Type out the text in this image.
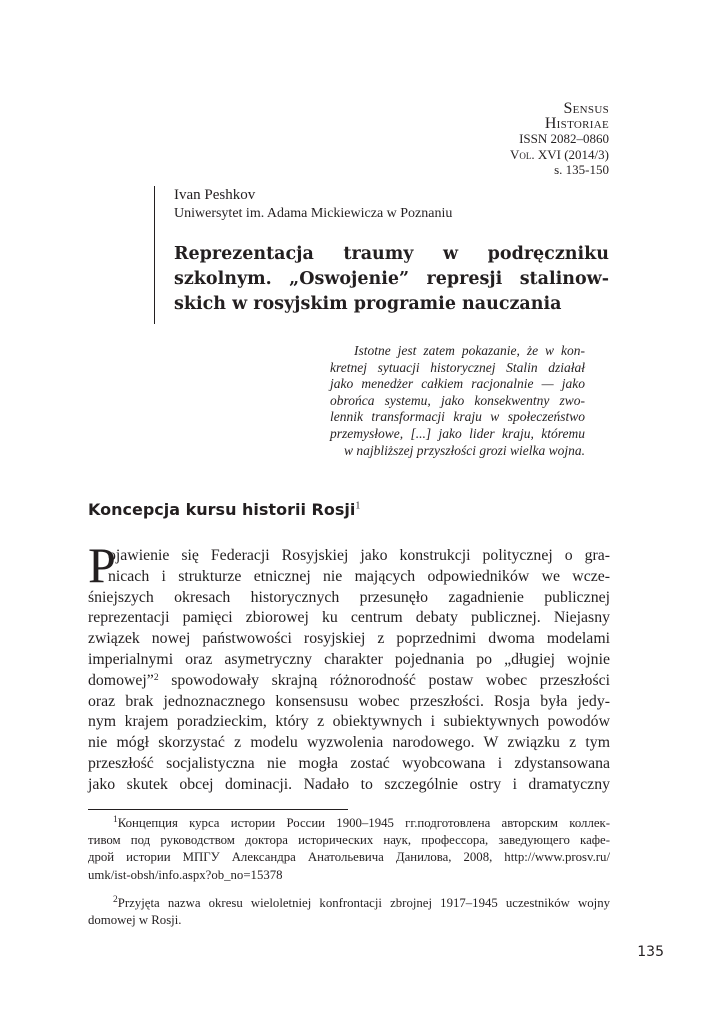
Sensus
Historiae
ISSN 2082–0860
Vol. XVI (2014/3)
s. 135-150
Ivan Peshkov
Uniwersytet im. Adama Mickiewicza w Poznaniu
Reprezentacja traumy w podręczniku
szkolnym. „Oswojenie” represji stalinow-
skich w rosyjskim programie nauczania
Istotne jest zatem pokazanie, że w kon-
kretnej sytuacji historycznej Stalin działał
jako menedżer całkiem racjonalnie — jako
obrońca systemu, jako konsekwentny zwo-
lennik transformacji kraju w społeczeństwo
przemysłowe, [...] jako lider kraju, któremu
w najbliższej przyszłości grozi wielka wojna.
Koncepcja kursu historii Rosji$^1$
P
ojawienie się Federacji Rosyjskiej jako konstrukcji politycznej o gra-
nicach i strukturze etnicznej nie mających odpowiedników we wcze-
śniejszych okresach historycznych przesunęło zagadnienie publicznej
reprezentacji pamięci zbiorowej ku centrum debaty publicznej. Niejasny
związek nowej państwowości rosyjskiej z poprzednimi dwoma modelami
imperialnymi oraz asymetryczny charakter pojednania po „długiej wojnie
domowej”$^2$ spowodowały skrajną różnorodność postaw wobec przeszłości
oraz brak jednoznacznego konsensusu wobec przeszłości. Rosja była jedy-
nym krajem poradzieckim, który z obiektywnych i subiektywnych powodów
nie mógł skorzystać z modelu wyzwolenia narodowego. W związku z tym
przeszłość socjalistyczna nie mogła zostać wyobcowana i zdystansowana
jako skutek obcej dominacji. Nadało to szczególnie ostry i dramatyczny
$^1$Концепция курса истории России 1900–1945 гг.подготовлена авторским коллек-
тивом под руководством доктора исторических наук, профессора, заведующего кафе-
дрой истории МПГУ Александра Анатольевича Данилова, 2008, http://www.prosv.ru/
umk/ist-obsh/info.aspx?ob_no=15378
$^2$Przyjęta nazwa okresu wieloletniej konfrontacji zbrojnej 1917–1945 uczestników wojny
domowej w Rosji.
135
